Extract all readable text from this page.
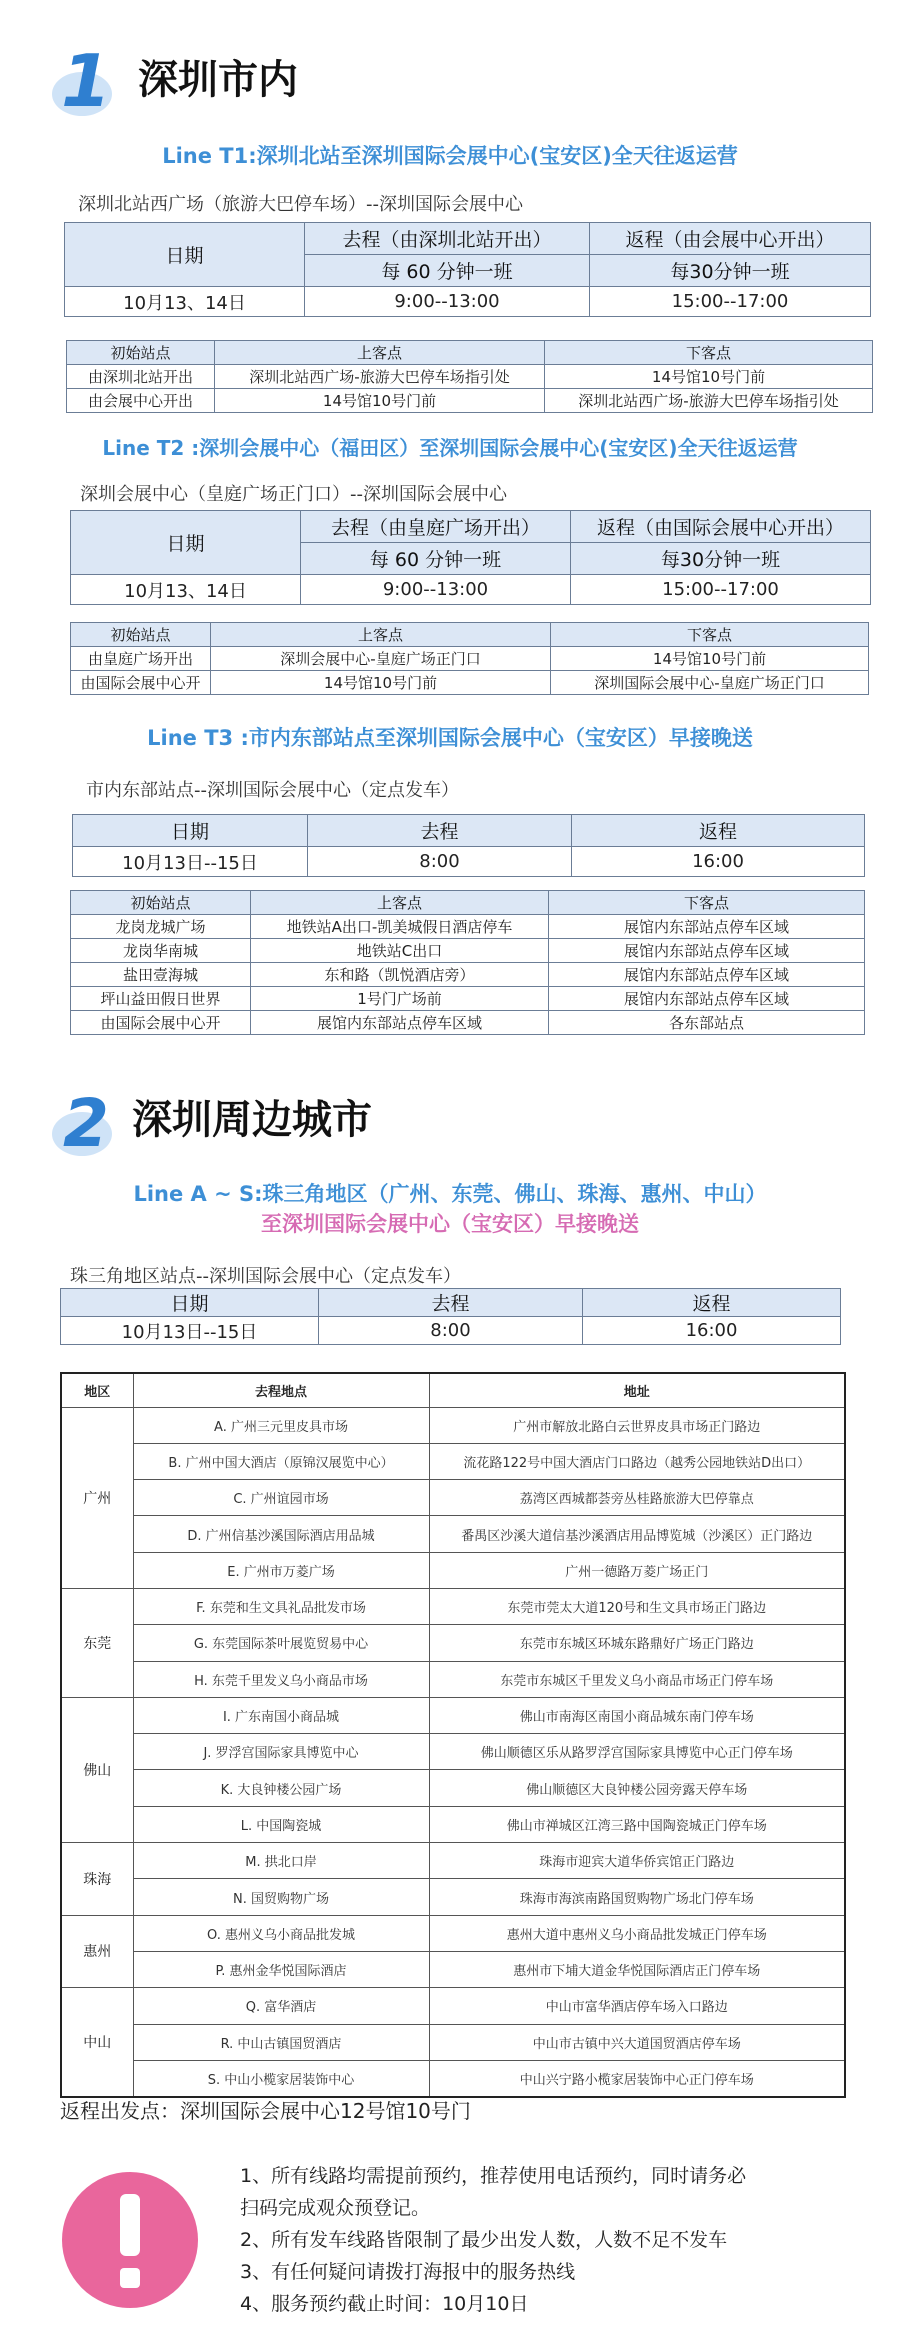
1 深圳市内
Line T1:深圳北站至深圳国际会展中心(宝安区)全天往返运营
深圳北站西广场（旅游大巴停车场）--深圳国际会展中心
日期	去程（由深圳北站开出）	返程（由会展中心开出）
	每 60 分钟一班	每30分钟一班
10月13、14日	9:00--13:00	15:00--17:00
初始站点	上客点	下客点
由深圳北站开出	深圳北站西广场-旅游大巴停车场指引处	14号馆10号门前
由会展中心开出	14号馆10号门前	深圳北站西广场-旅游大巴停车场指引处
Line T2 :深圳会展中心（福田区）至深圳国际会展中心(宝安区)全天往返运营
深圳会展中心（皇庭广场正门口）--深圳国际会展中心
日期	去程（由皇庭广场开出）	返程（由国际会展中心开出）
	每 60 分钟一班	每30分钟一班
10月13、14日	9:00--13:00	15:00--17:00
初始站点	上客点	下客点
由皇庭广场开出	深圳会展中心-皇庭广场正门口	14号馆10号门前
由国际会展中心开	14号馆10号门前	深圳国际会展中心-皇庭广场正门口
Line T3 :市内东部站点至深圳国际会展中心（宝安区）早接晚送
市内东部站点--深圳国际会展中心（定点发车）
日期	去程	返程
10月13日--15日	8:00	16:00
初始站点	上客点	下客点
龙岗龙城广场	地铁站A出口-凯美城假日酒店停车	展馆内东部站点停车区域
龙岗华南城	地铁站C出口	展馆内东部站点停车区域
盐田壹海城	东和路（凯悦酒店旁）	展馆内东部站点停车区域
坪山益田假日世界	1号门广场前	展馆内东部站点停车区域
由国际会展中心开	展馆内东部站点停车区域	各东部站点
2 深圳周边城市
Line A ~ S:珠三角地区（广州、东莞、佛山、珠海、惠州、中山）
至深圳国际会展中心（宝安区）早接晚送
珠三角地区站点--深圳国际会展中心（定点发车）
日期	去程	返程
10月13日--15日	8:00	16:00
地区	去程地点	地址
广州	A. 广州三元里皮具市场	广州市解放北路白云世界皮具市场正门路边
	B. 广州中国大酒店（原锦汉展览中心）	流花路122号中国大酒店门口路边（越秀公园地铁站D出口）
	C. 广州谊园市场	荔湾区西城都荟旁丛桂路旅游大巴停靠点
	D. 广州信基沙溪国际酒店用品城	番禺区沙溪大道信基沙溪酒店用品博览城（沙溪区）正门路边
	E. 广州市万菱广场	广州一德路万菱广场正门
东莞	F. 东莞和生文具礼品批发市场	东莞市莞太大道120号和生文具市场正门路边
	G. 东莞国际茶叶展览贸易中心	东莞市东城区环城东路鼎好广场正门路边
	H. 东莞千里发义乌小商品市场	东莞市东城区千里发义乌小商品市场正门停车场
佛山	I. 广东南国小商品城	佛山市南海区南国小商品城东南门停车场
	J. 罗浮宫国际家具博览中心	佛山顺德区乐从路罗浮宫国际家具博览中心正门停车场
	K. 大良钟楼公园广场	佛山顺德区大良钟楼公园旁露天停车场
	L. 中国陶瓷城	佛山市禅城区江湾三路中国陶瓷城正门停车场
珠海	M. 拱北口岸	珠海市迎宾大道华侨宾馆正门路边
	N. 国贸购物广场	珠海市海滨南路国贸购物广场北门停车场
惠州	O. 惠州义乌小商品批发城	惠州大道中惠州义乌小商品批发城正门停车场
	P. 惠州金华悦国际酒店	惠州市下埔大道金华悦国际酒店正门停车场
中山	Q. 富华酒店	中山市富华酒店停车场入口路边
	R. 中山古镇国贸酒店	中山市古镇中兴大道国贸酒店停车场
	S. 中山小榄家居装饰中心	中山兴宁路小榄家居装饰中心正门停车场
返程出发点：深圳国际会展中心12号馆10号门
1、所有线路均需提前预约，推荐使用电话预约，同时请务必
扫码完成观众预登记。
2、所有发车线路皆限制了最少出发人数，人数不足不发车
3、有任何疑问请拨打海报中的服务热线
4、服务预约截止时间：10月10日
